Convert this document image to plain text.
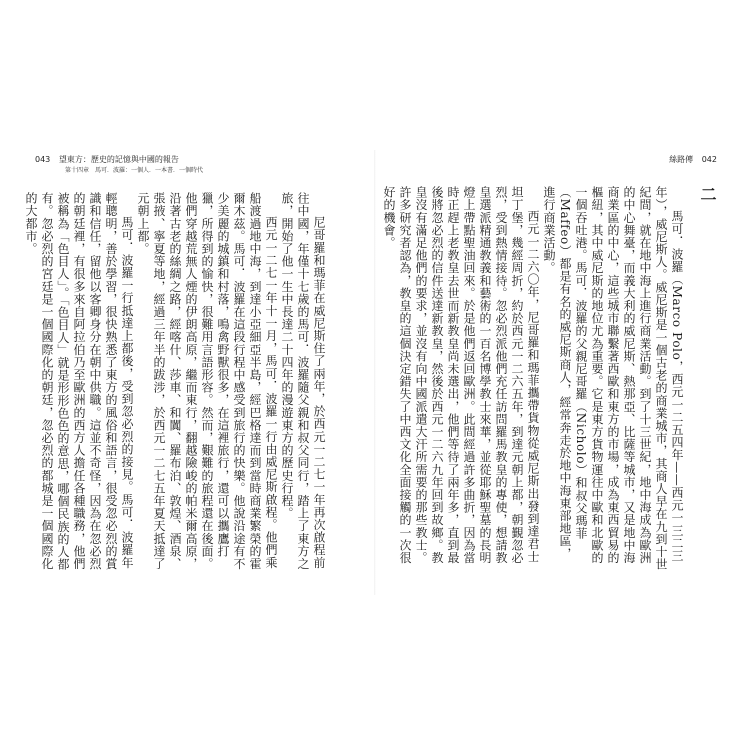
043 望東方：歷史的記憶與中國的報告
第十四章　馬可．波羅：一個人．一本書．一個時代

尼哥羅和瑪菲在威尼斯住了兩年，於西元一二七一年再次啟程前往中國，年僅十七歲的馬可．波羅隨父親和叔父同行，踏上了東方之旅，開始了他一生中長達二十四年的漫遊東方的歷史行程。

西元一二七一年十一月，馬可．波羅一行由威尼斯啟程。他們乘船渡過地中海，到達小亞細亞半島，經巴格達而到當時商業繁榮的霍爾木茲。馬可．波羅在這段行程中感受到旅行的快樂。他說沿途有不少美麗的城鎮和村落，鳴禽野獸很多，在這裡旅行，還可以攜鷹打獵，所得到的愉快，很難用言語形容。然而，艱難的旅程還在後面。他們穿越荒無人煙的伊朗高原，繼而東行，翻越險峻的帕米爾高原，沿著古老的絲綢之路，經喀什、莎車、和闐、羅布泊、敦煌、酒泉、張掖、寧夏等地，經過三年半的跋涉，於西元一二七五年夏天抵達了元朝上都。

馬可．波羅一行抵達上都後，受到忽必烈的接見。馬可．波羅年輕聰明，善於學習，很快熟悉了東方的風俗和語言，很受忽必烈的賞識和信任，留他以客卿身分在朝中供職。這並不奇怪，因為在忽必烈的朝廷裡，有很多來自阿拉伯乃至歐洲的西方人擔任各種職務，他們被稱為「色目人」。「色目人」就是形形色色的意思，哪個民族的人都有。忽必烈的宮廷是一個國際化的朝廷，忽必烈的都城是一個國際化的大都市。

絲路傳 042

二

馬可．波羅（Marco Polo，西元一二五四年——西元一三二三年），威尼斯人。威尼斯是一個古老的商業城市，其商人早在九到十世紀間，就在地中海上進行商業活動。到了十三世紀，地中海成為歐洲的中心舞臺，而義大利的威尼斯、熱那亞、比薩等城市，又是地中海商業區的中心，這些城市聯繫著西歐和東方的市場，成為東西貿易的樞紐，其中威尼斯的地位尤為重要。它是東方貨物運往中歐和北歐的一個吞吐港。馬可．波羅的父親尼哥羅（Nicholo）和叔父瑪菲（Maffeo）都是有名的威尼斯商人，經常奔走於地中海東部地區，進行商業活動。

西元一二六〇年，尼哥羅和瑪菲攜帶貨物從威尼斯出發到達君士坦丁堡，幾經周折，約於西元一二六五年，到達元朝上都，朝覲忽必烈，受到熱情接待。忽必烈派他們充任訪問羅馬教皇的專使，想請教皇選派精通教義和藝術的一百名博學教士來華，並從耶穌聖墓的長明燈上帶點聖油回來。於是他們返回歐洲。此間經過許多曲折，因為當時正趕上老教皇去世而新教皇尚未選出，他們等待了兩年多，直到最後將忽必烈的信件送達新教皇，然後於西元一二六九年回到故鄉。教皇沒有滿足他們的要求，並沒有向中國派遣大汗所需要的那些教士。許多研究者認為，教皇的這個決定錯失了中西文化全面接觸的一次很好的機會。
